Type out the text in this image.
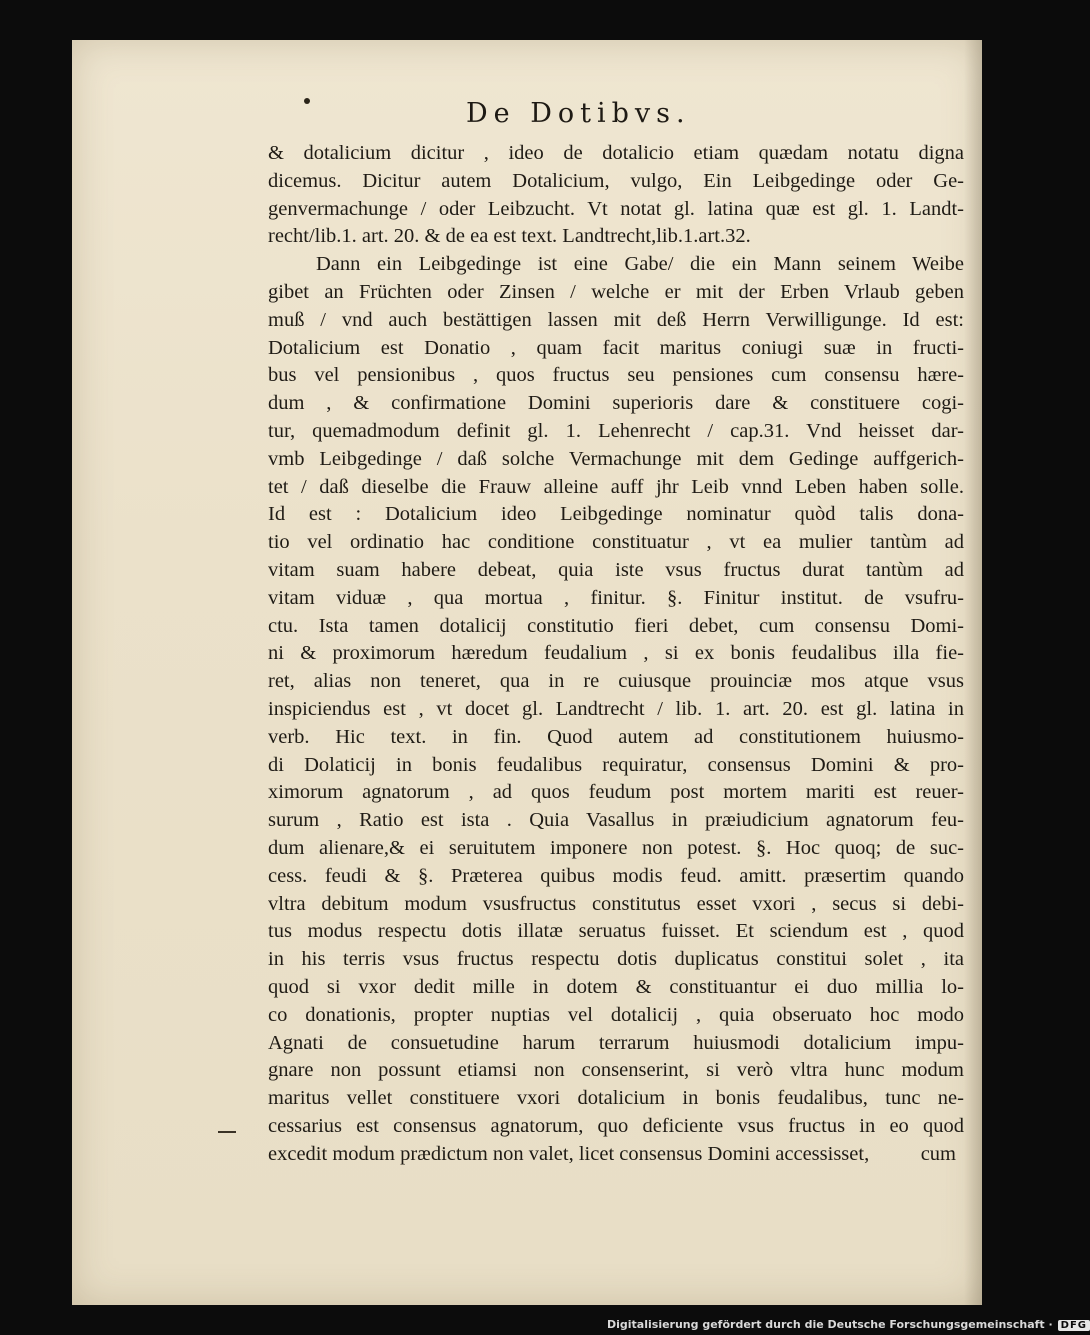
De Dotibvs.
& dotalicium dicitur , ideo de dotalicio etiam quædam notatu digna
dicemus. Dicitur autem Dotalicium, vulgo, Ein Leibgedinge oder Ge-
genvermachunge / oder Leibzucht. Vt notat gl. latina quæ est gl. 1. Landt-
recht/lib.1. art. 20. & de ea est text. Landtrecht,lib.1.art.32.
Dann ein Leibgedinge ist eine Gabe/ die ein Mann seinem Weibe
gibet an Früchten oder Zinsen / welche er mit der Erben Vrlaub geben
muß / vnd auch bestättigen lassen mit deß Herrn Verwilligunge. Id est:
Dotalicium est Donatio , quam facit maritus coniugi suæ in fructi-
bus vel pensionibus , quos fructus seu pensiones cum consensu hære-
dum , & confirmatione Domini superioris dare & constituere cogi-
tur, quemadmodum definit gl. 1. Lehenrecht / cap.31. Vnd heisset dar-
vmb Leibgedinge / daß solche Vermachunge mit dem Gedinge auffgerich-
tet / daß dieselbe die Frauw alleine auff jhr Leib vnnd Leben haben solle.
Id est : Dotalicium ideo Leibgedinge nominatur quòd talis dona-
tio vel ordinatio hac conditione constituatur , vt ea mulier tantùm ad
vitam suam habere debeat, quia iste vsus fructus durat tantùm ad
vitam viduæ , qua mortua , finitur. §. Finitur institut. de vsufru-
ctu. Ista tamen dotalicij constitutio fieri debet, cum consensu Domi-
ni & proximorum hæredum feudalium , si ex bonis feudalibus illa fie-
ret, alias non teneret, qua in re cuiusque prouinciæ mos atque vsus
inspiciendus est , vt docet gl. Landtrecht / lib. 1. art. 20. est gl. latina in
verb. Hic text. in fin. Quod autem ad constitutionem huiusmo-
di Dolaticij in bonis feudalibus requiratur, consensus Domini & pro-
ximorum agnatorum , ad quos feudum post mortem mariti est reuer-
surum , Ratio est ista . Quia Vasallus in præiudicium agnatorum feu-
dum alienare,& ei seruitutem imponere non potest. §. Hoc quoq; de suc-
cess. feudi & §. Præterea quibus modis feud. amitt. præsertim quando
vltra debitum modum vsusfructus constitutus esset vxori , secus si debi-
tus modus respectu dotis illatæ seruatus fuisset. Et sciendum est , quod
in his terris vsus fructus respectu dotis duplicatus constitui solet , ita
quod si vxor dedit mille in dotem & constituantur ei duo millia lo-
co donationis, propter nuptias vel dotalicij , quia obseruato hoc modo
Agnati de consuetudine harum terrarum huiusmodi dotalicium impu-
gnare non possunt etiamsi non consenserint, si verò vltra hunc modum
maritus vellet constituere vxori dotalicium in bonis feudalibus, tunc ne-
cessarius est consensus agnatorum, quo deficiente vsus fructus in eo quod
excedit modum prædictum non valet, licet consensus Domini accessisset,	cum
Digitalisierung gefördert durch die Deutsche Forschungsgemeinschaft · DFG
